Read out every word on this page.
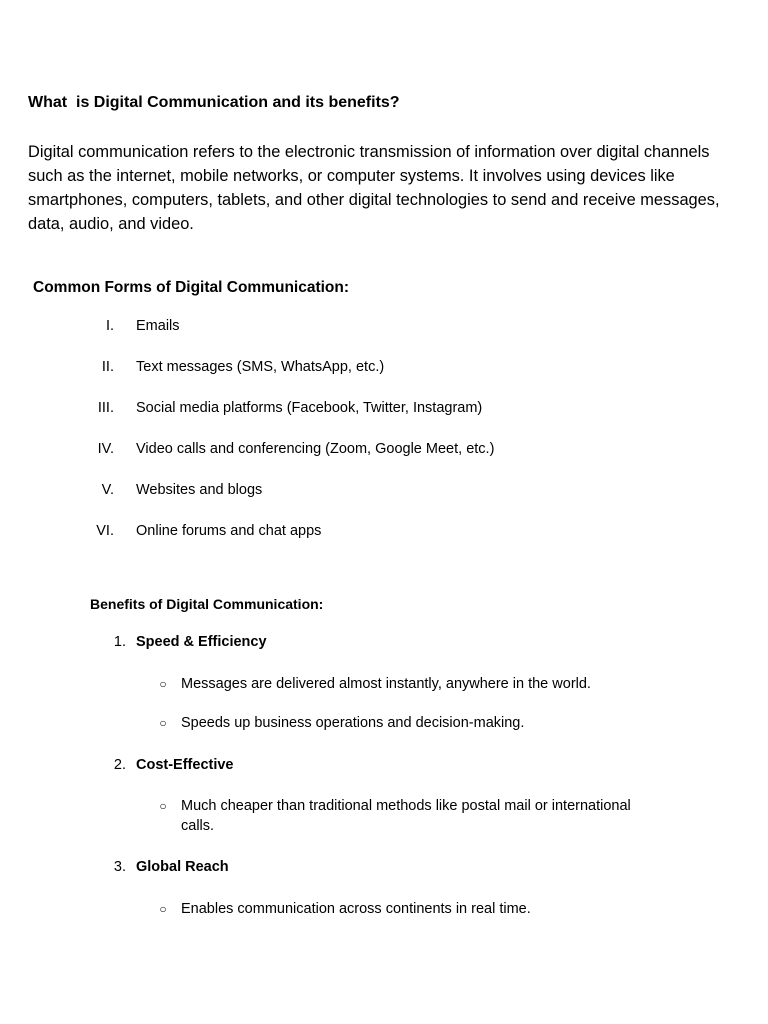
What  is Digital Communication and its benefits?

Digital communication refers to the electronic transmission of information over digital channels such as the internet, mobile networks, or computer systems. It involves using devices like smartphones, computers, tablets, and other digital technologies to send and receive messages, data, audio, and video.

Common Forms of Digital Communication:
I. Emails
II. Text messages (SMS, WhatsApp, etc.)
III. Social media platforms (Facebook, Twitter, Instagram)
IV. Video calls and conferencing (Zoom, Google Meet, etc.)
V. Websites and blogs
VI. Online forums and chat apps
Benefits of Digital Communication:
1. Speed & Efficiency
○ Messages are delivered almost instantly, anywhere in the world.
○ Speeds up business operations and decision-making.
2. Cost-Effective
○ Much cheaper than traditional methods like postal mail or international calls.
3. Global Reach
○ Enables communication across continents in real time.
